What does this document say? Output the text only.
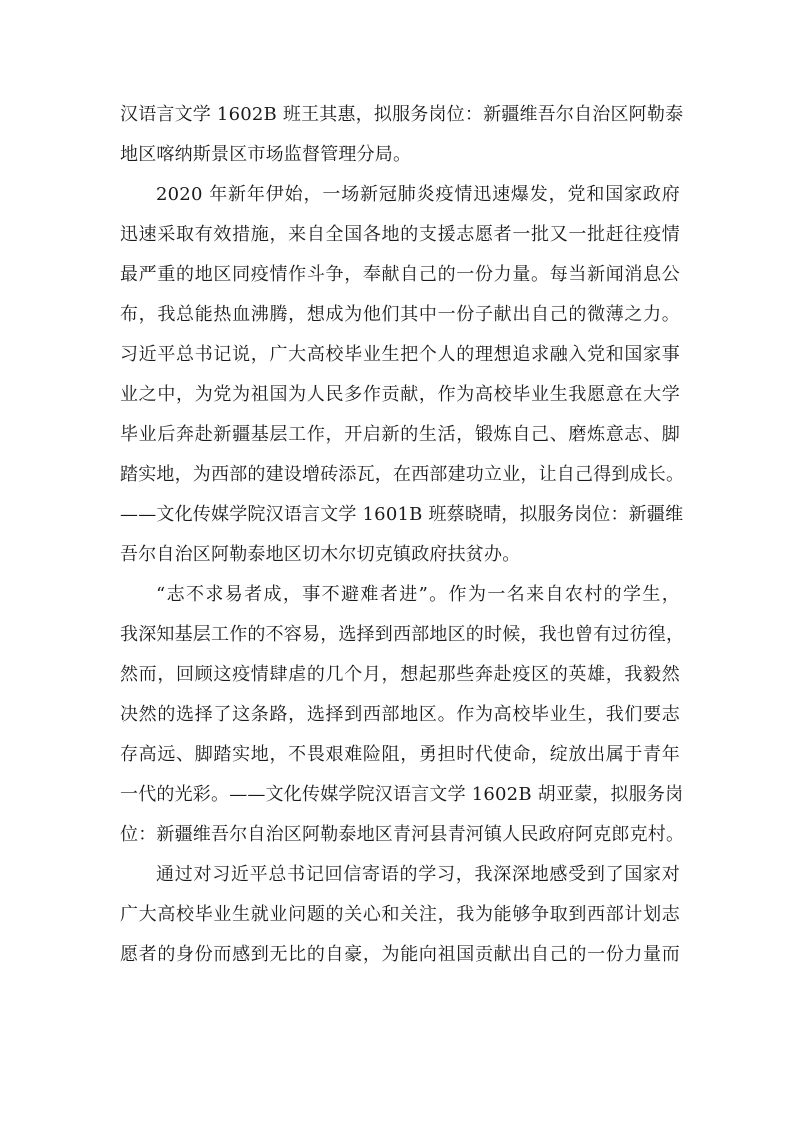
汉语言文学 1602B 班王其惠，拟服务岗位：新疆维吾尔自治区阿勒泰
地区喀纳斯景区市场监督管理分局。
2020 年新年伊始，一场新冠肺炎疫情迅速爆发，党和国家政府
迅速采取有效措施，来自全国各地的支援志愿者一批又一批赶往疫情
最严重的地区同疫情作斗争，奉献自己的一份力量。每当新闻消息公
布，我总能热血沸腾，想成为他们其中一份子献出自己的微薄之力。
习近平总书记说，广大高校毕业生把个人的理想追求融入党和国家事
业之中，为党为祖国为人民多作贡献，作为高校毕业生我愿意在大学
毕业后奔赴新疆基层工作，开启新的生活，锻炼自己、磨炼意志、脚
踏实地，为西部的建设增砖添瓦，在西部建功立业，让自己得到成长。
——文化传媒学院汉语言文学 1601B 班蔡晓晴，拟服务岗位：新疆维
吾尔自治区阿勒泰地区切木尔切克镇政府扶贫办。
“志不求易者成，事不避难者进”。作为一名来自农村的学生，
我深知基层工作的不容易，选择到西部地区的时候，我也曾有过彷徨，
然而，回顾这疫情肆虐的几个月，想起那些奔赴疫区的英雄，我毅然
决然的选择了这条路，选择到西部地区。作为高校毕业生，我们要志
存高远、脚踏实地，不畏艰难险阻，勇担时代使命，绽放出属于青年
一代的光彩。——文化传媒学院汉语言文学 1602B 胡亚蒙，拟服务岗
位：新疆维吾尔自治区阿勒泰地区青河县青河镇人民政府阿克郎克村。
通过对习近平总书记回信寄语的学习，我深深地感受到了国家对
广大高校毕业生就业问题的关心和关注，我为能够争取到西部计划志
愿者的身份而感到无比的自豪，为能向祖国贡献出自己的一份力量而
